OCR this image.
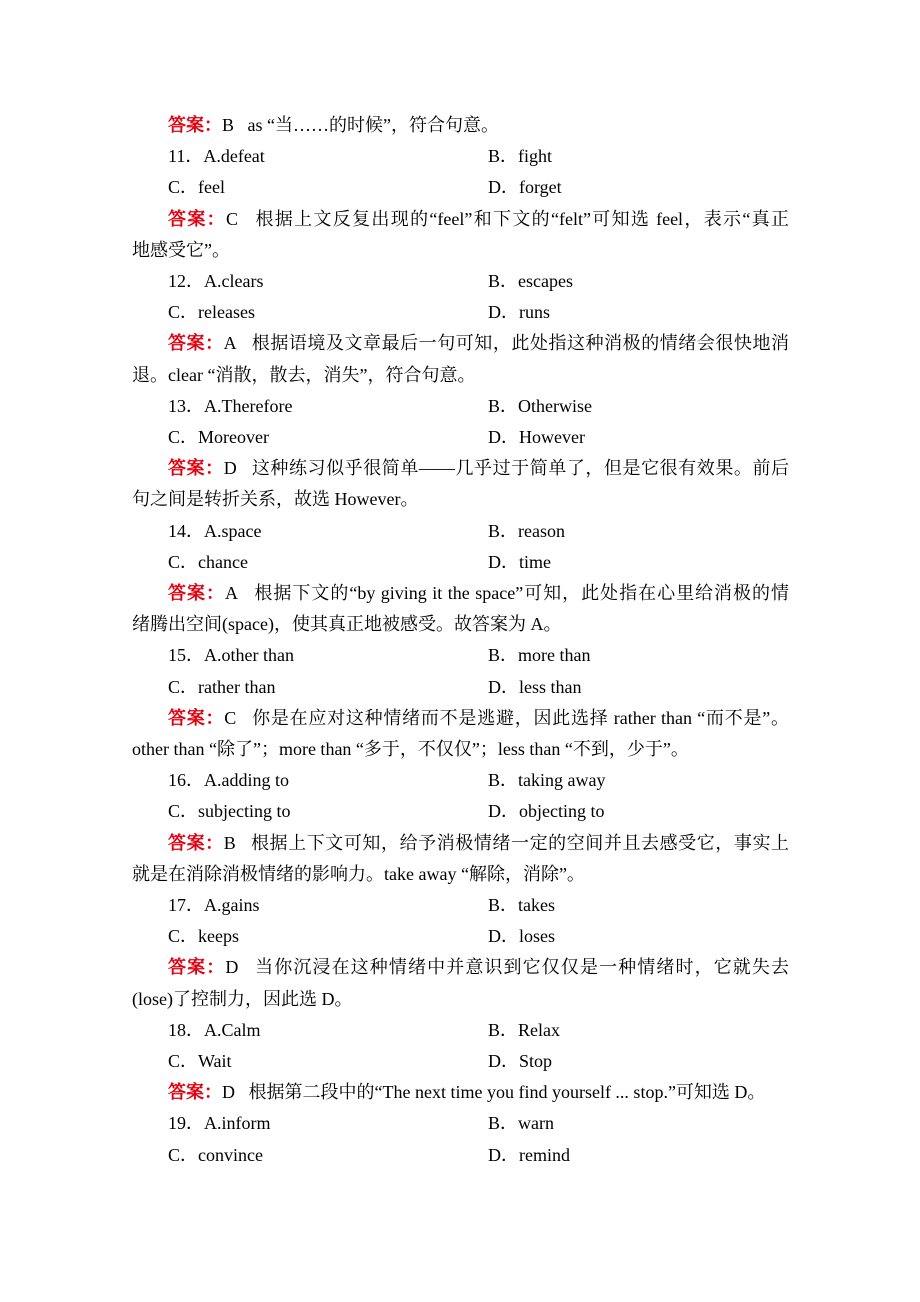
答案：B as “当……的时候”，符合句意。
11．A.defeat	B．fight
C．feel	D．forget
答案：C 根据上文反复出现的“feel”和下文的“felt”可知选 feel，表示“真正
地感受它”。
12．A.clears	B．escapes
C．releases	D．runs
答案：A 根据语境及文章最后一句可知，此处指这种消极的情绪会很快地消
退。clear “消散，散去，消失”，符合句意。
13．A.Therefore	B．Otherwise
C．Moreover	D．However
答案：D 这种练习似乎很简单——几乎过于简单了，但是它很有效果。前后
句之间是转折关系，故选 However。
14．A.space	B．reason
C．chance	D．time
答案：A 根据下文的“by giving it the space”可知，此处指在心里给消极的情
绪腾出空间(space)，使其真正地被感受。故答案为 A。
15．A.other than	B．more than
C．rather than	D．less than
答案：C 你是在应对这种情绪而不是逃避，因此选择 rather than “而不是”。
other than “除了”；more than “多于，不仅仅”；less than “不到，少于”。
16．A.adding to	B．taking away
C．subjecting to	D．objecting to
答案：B 根据上下文可知，给予消极情绪一定的空间并且去感受它，事实上
就是在消除消极情绪的影响力。take away “解除，消除”。
17．A.gains	B．takes
C．keeps	D．loses
答案：D 当你沉浸在这种情绪中并意识到它仅仅是一种情绪时，它就失去
(lose)了控制力，因此选 D。
18．A.Calm	B．Relax
C．Wait	D．Stop
答案：D 根据第二段中的“The next time you find yourself ... stop.”可知选 D。
19．A.inform	B．warn
C．convince	D．remind
